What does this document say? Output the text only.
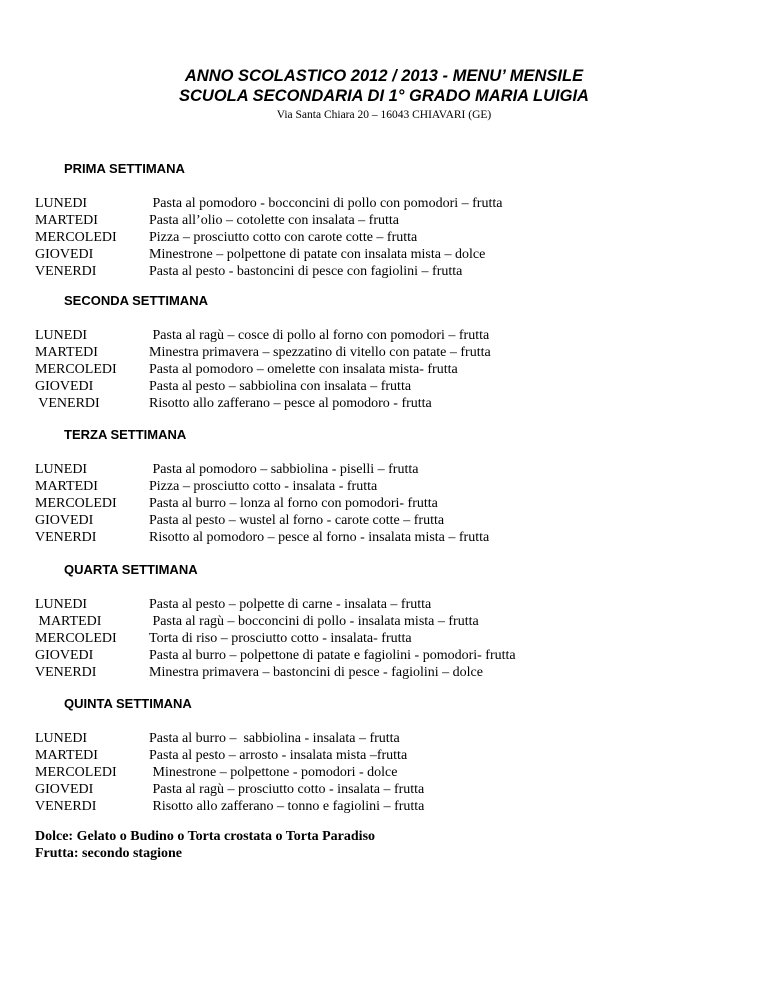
ANNO SCOLASTICO 2012 / 2013 - MENU’ MENSILE

SCUOLA SECONDARIA DI 1° GRADO MARIA LUIGIA

Via Santa Chiara 20 – 16043 CHIAVARI (GE)
PRIMA SETTIMANA
LUNEDI	Pasta al pomodoro - bocconcini di pollo con pomodori – frutta
MARTEDI	Pasta all’olio – cotolette con insalata – frutta
MERCOLEDI	Pizza – prosciutto cotto con carote cotte – frutta
GIOVEDI	Minestrone – polpettone di patate con insalata mista – dolce
VENERDI	Pasta al pesto - bastoncini di pesce con fagiolini – frutta
SECONDA SETTIMANA
LUNEDI	Pasta al ragù – cosce di pollo al forno con pomodori – frutta
MARTEDI	Minestra primavera – spezzatino di vitello con patate – frutta
MERCOLEDI	Pasta al pomodoro – omelette con insalata mista- frutta
GIOVEDI	Pasta al pesto – sabbiolina con insalata – frutta
VENERDI	Risotto allo zafferano – pesce al pomodoro - frutta
TERZA SETTIMANA
LUNEDI	Pasta al pomodoro – sabbiolina - piselli – frutta
MARTEDI	Pizza – prosciutto cotto - insalata - frutta
MERCOLEDI	Pasta al burro – lonza al forno con pomodori- frutta
GIOVEDI	Pasta al pesto – wustel al forno - carote cotte – frutta
VENERDI	Risotto al pomodoro – pesce al forno - insalata mista – frutta
QUARTA SETTIMANA
LUNEDI	Pasta al pesto – polpette di carne - insalata – frutta
MARTEDI	Pasta al ragù – bocconcini di pollo - insalata mista – frutta
MERCOLEDI	Torta di riso – prosciutto cotto - insalata- frutta
GIOVEDI	Pasta al burro – polpettone di patate e fagiolini - pomodori- frutta
VENERDI	Minestra primavera – bastoncini di pesce - fagiolini – dolce
QUINTA SETTIMANA
LUNEDI	Pasta al burro –  sabbiolina - insalata – frutta
MARTEDI	Pasta al pesto – arrosto - insalata mista –frutta
MERCOLEDI	Minestrone – polpettone - pomodori - dolce
GIOVEDI	Pasta al ragù – prosciutto cotto - insalata – frutta
VENERDI	Risotto allo zafferano – tonno e fagiolini – frutta
Dolce: Gelato o Budino o Torta crostata o Torta Paradiso
Frutta: secondo stagione
